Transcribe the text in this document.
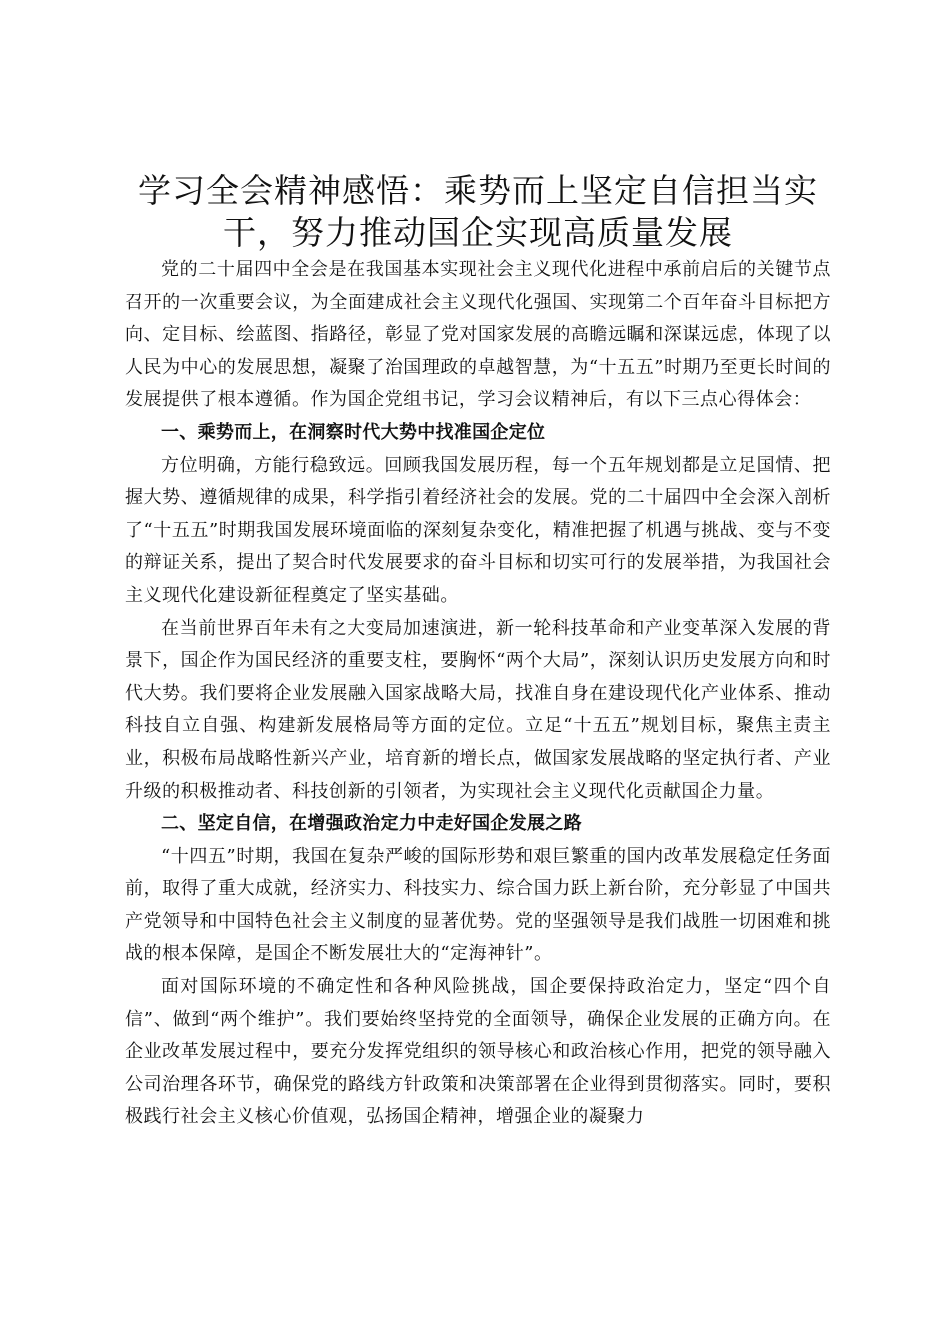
学习全会精神感悟：乘势而上坚定自信担当实干，努力推动国企实现高质量发展

党的二十届四中全会是在我国基本实现社会主义现代化进程中承前启后的关键节点召开的一次重要会议，为全面建成社会主义现代化强国、实现第二个百年奋斗目标把方向、定目标、绘蓝图、指路径，彰显了党对国家发展的高瞻远瞩和深谋远虑，体现了以人民为中心的发展思想，凝聚了治国理政的卓越智慧，为“十五五”时期乃至更长时间的发展提供了根本遵循。作为国企党组书记，学习会议精神后，有以下三点心得体会：

一、乘势而上，在洞察时代大势中找准国企定位

方位明确，方能行稳致远。回顾我国发展历程，每一个五年规划都是立足国情、把握大势、遵循规律的成果，科学指引着经济社会的发展。党的二十届四中全会深入剖析了“十五五”时期我国发展环境面临的深刻复杂变化，精准把握了机遇与挑战、变与不变的辩证关系，提出了契合时代发展要求的奋斗目标和切实可行的发展举措，为我国社会主义现代化建设新征程奠定了坚实基础。

在当前世界百年未有之大变局加速演进，新一轮科技革命和产业变革深入发展的背景下，国企作为国民经济的重要支柱，要胸怀“两个大局”，深刻认识历史发展方向和时代大势。我们要将企业发展融入国家战略大局，找准自身在建设现代化产业体系、推动科技自立自强、构建新发展格局等方面的定位。立足“十五五”规划目标，聚焦主责主业，积极布局战略性新兴产业，培育新的增长点，做国家发展战略的坚定执行者、产业升级的积极推动者、科技创新的引领者，为实现社会主义现代化贡献国企力量。

二、坚定自信，在增强政治定力中走好国企发展之路

“十四五”时期，我国在复杂严峻的国际形势和艰巨繁重的国内改革发展稳定任务面前，取得了重大成就，经济实力、科技实力、综合国力跃上新台阶，充分彰显了中国共产党领导和中国特色社会主义制度的显著优势。党的坚强领导是我们战胜一切困难和挑战的根本保障，是国企不断发展壮大的“定海神针”。

面对国际环境的不确定性和各种风险挑战，国企要保持政治定力，坚定“四个自信”、做到“两个维护”。我们要始终坚持党的全面领导，确保企业发展的正确方向。在企业改革发展过程中，要充分发挥党组织的领导核心和政治核心作用，把党的领导融入公司治理各环节，确保党的路线方针政策和决策部署在企业得到贯彻落实。同时，要积极践行社会主义核心价值观，弘扬国企精神，增强企业的凝聚力
